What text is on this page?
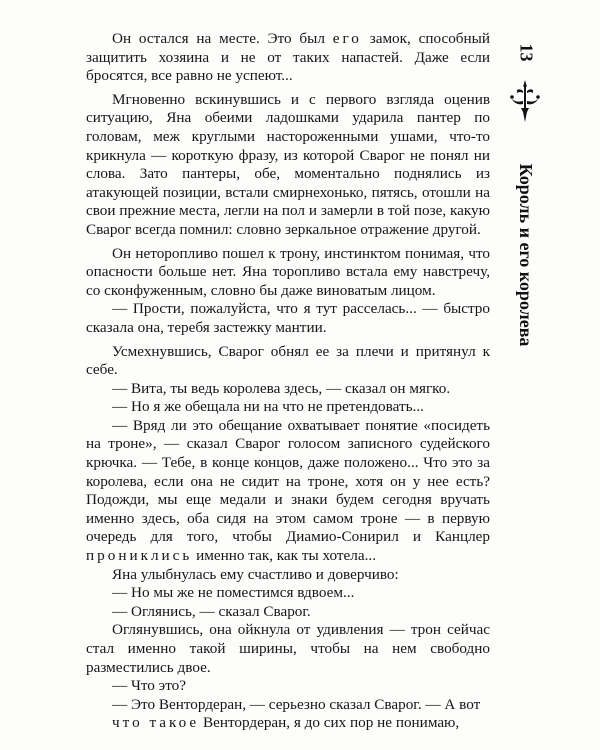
Он остался на месте. Это был его замок, способный защитить хозяина и не от таких напастей. Даже если бросятся, все равно не успеют...

Мгновенно вскинувшись и с первого взгляда оценив ситуацию, Яна обеими ладошками ударила пантер по головам, меж круглыми настороженными ушами, что-то крикнула — короткую фразу, из которой Сварог не понял ни слова. Зато пантеры, обе, моментально поднялись из атакующей позиции, встали смирнехонько, пятясь, отошли на свои прежние места, легли на пол и замерли в той позе, какую Сварог всегда помнил: словно зеркальное отражение другой.

Он неторопливо пошел к трону, инстинктом понимая, что опасности больше нет. Яна торопливо встала ему навстречу, со сконфуженным, словно бы даже виноватым лицом.

— Прости, пожалуйста, что я тут расселась... — быстро сказала она, теребя застежку мантии.

Усмехнувшись, Сварог обнял ее за плечи и притянул к себе.

— Вита, ты ведь королева здесь, — сказал он мягко.

— Но я же обещала ни на что не претендовать...

— Вряд ли это обещание охватывает понятие «посидеть на троне», — сказал Сварог голосом записного судейского крючка. — Тебе, в конце концов, даже положено... Что это за королева, если она не сидит на троне, хотя он у нее есть? Подожди, мы еще медали и знаки будем сегодня вручать именно здесь, оба сидя на этом самом троне — в первую очередь для того, чтобы Диамио-Сонирил и Канцлер прониклись именно так, как ты хотела...

Яна улыбнулась ему счастливо и доверчиво:

— Но мы же не поместимся вдвоем...

— Оглянись, — сказал Сварог.

Оглянувшись, она ойкнула от удивления — трон сейчас стал именно такой ширины, чтобы на нем свободно разместились двое.

— Что это?

— Это Вентордеран, — серьезно сказал Сварог. — А вот

что такое Вентордеран, я до сих пор не понимаю,

13
Король и его королева
